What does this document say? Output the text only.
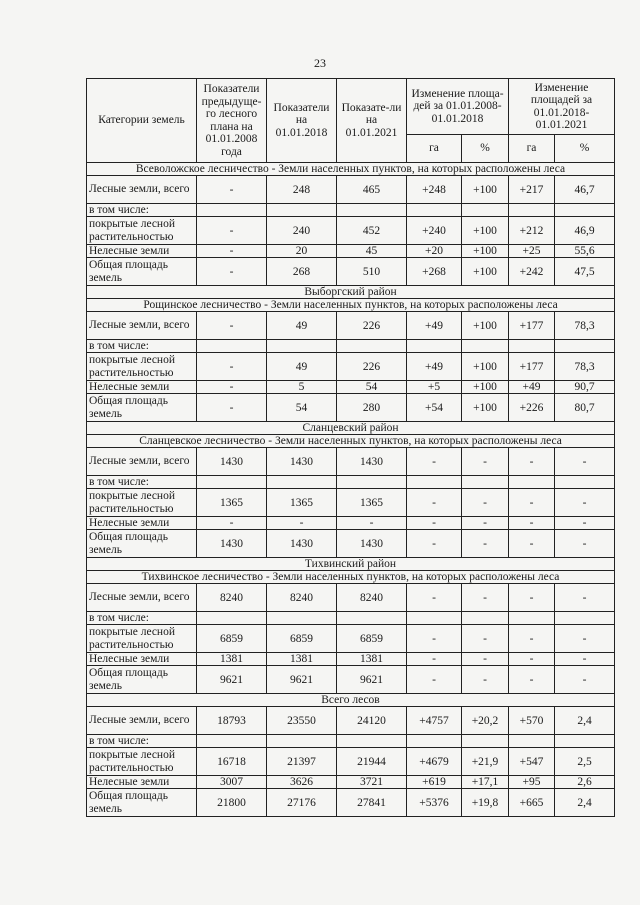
23
Категории земель	Показатели предыдуще-го лесного плана на 01.01.2008 года	Показатели на 01.01.2018	Показате-ли на 01.01.2021	Изменение площа-дей за 01.01.2008-01.01.2018		Изменение площадей за 01.01.2018-01.01.2021	
				га	%	га	%
Всеволожское лесничество - Земли населенных пунктов, на которых расположены леса							
Лесные земли, всего	-	248	465	+248	+100	+217	46,7
в том числе:							
покрытые лесной растительностью	-	240	452	+240	+100	+212	46,9
Нелесные земли	-	20	45	+20	+100	+25	55,6
Общая площадь земель	-	268	510	+268	+100	+242	47,5
Выборгский район							
Рощинское лесничество - Земли населенных пунктов, на которых расположены леса							
Лесные земли, всего	-	49	226	+49	+100	+177	78,3
в том числе:							
покрытые лесной растительностью	-	49	226	+49	+100	+177	78,3
Нелесные земли	-	5	54	+5	+100	+49	90,7
Общая площадь земель	-	54	280	+54	+100	+226	80,7
Сланцевский район							
Сланцевское лесничество - Земли населенных пунктов, на которых расположены леса							
Лесные земли, всего	1430	1430	1430	-	-	-	-
в том числе:							
покрытые лесной растительностью	1365	1365	1365	-	-	-	-
Нелесные земли	-	-	-	-	-	-	-
Общая площадь земель	1430	1430	1430	-	-	-	-
Тихвинский район							
Тихвинское лесничество - Земли населенных пунктов, на которых расположены леса							
Лесные земли, всего	8240	8240	8240	-	-	-	-
в том числе:							
покрытые лесной растительностью	6859	6859	6859	-	-	-	-
Нелесные земли	1381	1381	1381	-	-	-	-
Общая площадь земель	9621	9621	9621	-	-	-	-
Всего лесов							
Лесные земли, всего	18793	23550	24120	+4757	+20,2	+570	2,4
в том числе:							
покрытые лесной растительностью	16718	21397	21944	+4679	+21,9	+547	2,5
Нелесные земли	3007	3626	3721	+619	+17,1	+95	2,6
Общая площадь земель	21800	27176	27841	+5376	+19,8	+665	2,4
